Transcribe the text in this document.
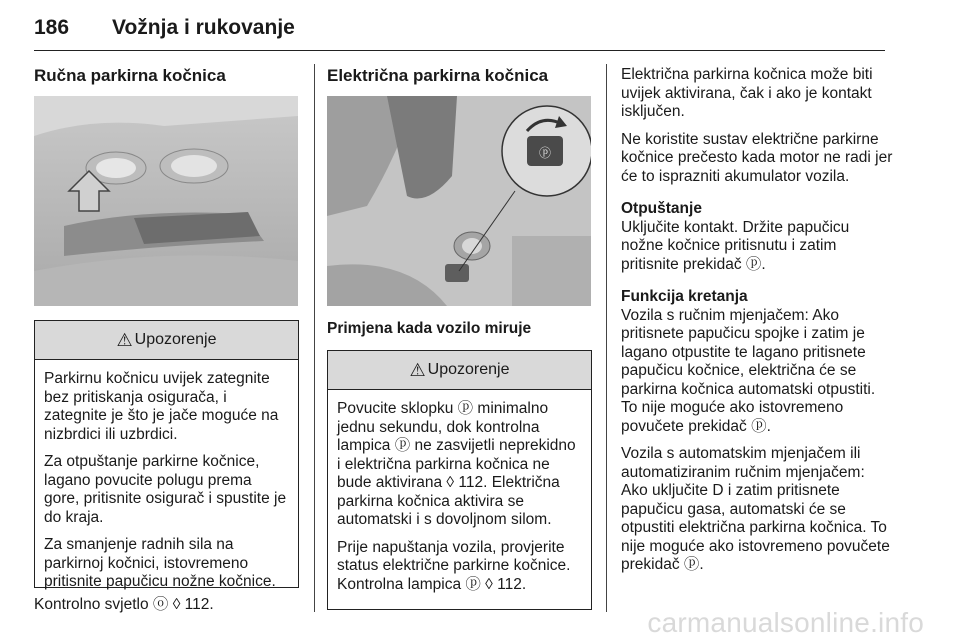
186 Vožnja i rukovanje
Ručna parkirna kočnica
⚠ Upozorenje

Parkirnu kočnicu uvijek zategnite bez pritiskanja osigurača, i zategnite je što je jače moguće na nizbrdici ili uzbrdici.

Za otpuštanje parkirne kočnice, lagano povucite polugu prema gore, pritisnite osigurač i spustite je do kraja.

Za smanjenje radnih sila na parkirnoj kočnici, istovremeno pritisnite papučicu nožne kočnice.

Kontrolno svjetlo ⓞ ◊ 112.
Električna parkirna kočnica
ⓟ
Primjena kada vozilo miruje
⚠ Upozorenje

Povucite sklopku ⓟ minimalno jednu sekundu, dok kontrolna lampica ⓟ ne zasvijetli neprekidno i električna parkirna kočnica ne bude aktivirana ◊ 112. Električna parkirna kočnica aktivira se automatski i s dovoljnom silom.

Prije napuštanja vozila, provjerite status električne parkirne kočnice. Kontrolna lampica ⓟ ◊ 112.

Električna parkirna kočnica može biti uvijek aktivirana, čak i ako je kontakt isključen.

Ne koristite sustav električne parkirne kočnice prečesto kada motor ne radi jer će to isprazniti akumulator vozila.

Otpuštanje

Uključite kontakt. Držite papučicu nožne kočnice pritisnutu i zatim pritisnite prekidač ⓟ.

Funkcija kretanja

Vozila s ručnim mjenjačem: Ako pritisnete papučicu spojke i zatim je lagano otpustite te lagano pritisnete papučicu kočnice, električna će se parkirna kočnica automatski otpustiti. To nije moguće ako istovremeno povučete prekidač ⓟ.

Vozila s automatskim mjenjačem ili automatiziranim ručnim mjenjačem: Ako uključite D i zatim pritisnete papučicu gasa, automatski će se otpustiti električna parkirna kočnica. To nije moguće ako istovremeno povučete prekidač ⓟ.

carmanualsonline.info
